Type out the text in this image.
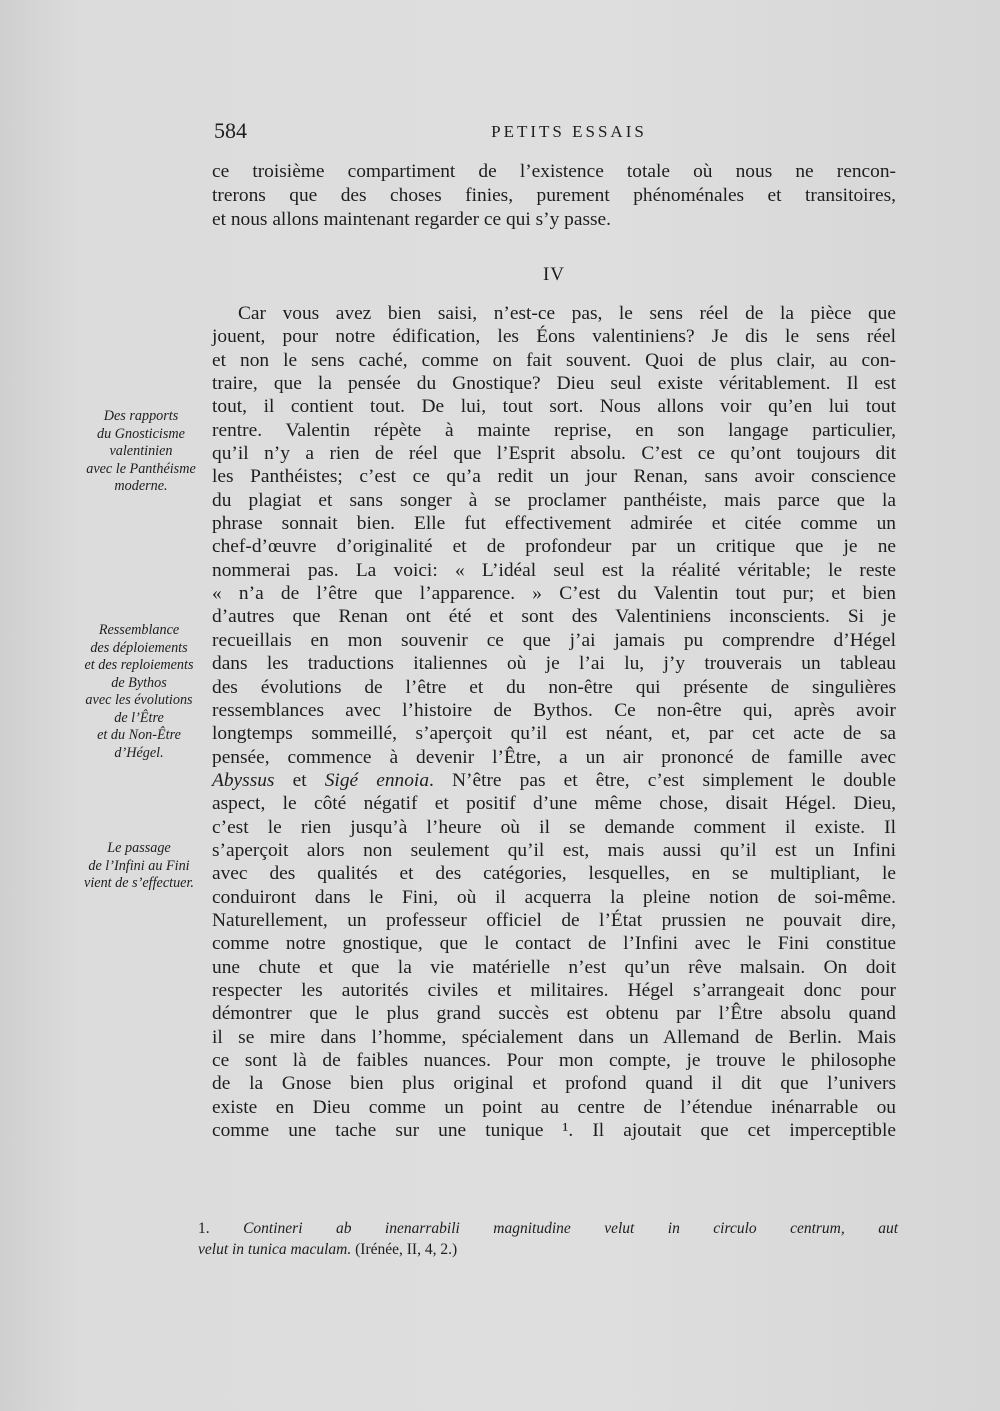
584	PETITS ESSAIS
ce troisième compartiment de l’existence totale où nous ne rencon-
trerons que des choses finies, purement phénoménales et transitoires,
et nous allons maintenant regarder ce qui s’y passe.
IV
Car vous avez bien saisi, n’est-ce pas, le sens réel de la pièce que
jouent, pour notre édification, les Éons valentiniens? Je dis le sens réel
et non le sens caché, comme on fait souvent. Quoi de plus clair, au con-
traire, que la pensée du Gnostique? Dieu seul existe véritablement. Il est
tout, il contient tout. De lui, tout sort. Nous allons voir qu’en lui tout
rentre. Valentin répète à mainte reprise, en son langage particulier,
qu’il n’y a rien de réel que l’Esprit absolu. C’est ce qu’ont toujours dit
les Panthéistes; c’est ce qu’a redit un jour Renan, sans avoir conscience
du plagiat et sans songer à se proclamer panthéiste, mais parce que la
phrase sonnait bien. Elle fut effectivement admirée et citée comme un
chef-d’œuvre d’originalité et de profondeur par un critique que je ne
nommerai pas. La voici: « L’idéal seul est la réalité véritable; le reste
« n’a de l’être que l’apparence. » C’est du Valentin tout pur; et bien
d’autres que Renan ont été et sont des Valentiniens inconscients. Si je
recueillais en mon souvenir ce que j’ai jamais pu comprendre d’Hégel
dans les traductions italiennes où je l’ai lu, j’y trouverais un tableau
des évolutions de l’être et du non-être qui présente de singulières
ressemblances avec l’histoire de Bythos. Ce non-être qui, après avoir
longtemps sommeillé, s’aperçoit qu’il est néant, et, par cet acte de sa
pensée, commence à devenir l’Être, a un air prononcé de famille avec
Abyssus et Sigé ennoia. N’être pas et être, c’est simplement le double
aspect, le côté négatif et positif d’une même chose, disait Hégel. Dieu,
c’est le rien jusqu’à l’heure où il se demande comment il existe. Il
s’aperçoit alors non seulement qu’il est, mais aussi qu’il est un Infini
avec des qualités et des catégories, lesquelles, en se multipliant, le
conduiront dans le Fini, où il acquerra la pleine notion de soi-même.
Naturellement, un professeur officiel de l’État prussien ne pouvait dire,
comme notre gnostique, que le contact de l’Infini avec le Fini constitue
une chute et que la vie matérielle n’est qu’un rêve malsain. On doit
respecter les autorités civiles et militaires. Hégel s’arrangeait donc pour
démontrer que le plus grand succès est obtenu par l’Être absolu quand
il se mire dans l’homme, spécialement dans un Allemand de Berlin. Mais
ce sont là de faibles nuances. Pour mon compte, je trouve le philosophe
de la Gnose bien plus original et profond quand il dit que l’univers
existe en Dieu comme un point au centre de l’étendue inénarrable ou
comme une tache sur une tunique ¹. Il ajoutait que cet imperceptible
Des rapports
du Gnosticisme
valentinien
avec le Panthéisme
moderne.
Ressemblance
des déploiements
et des reploiements
de Bythos
avec les évolutions
de l’Être
et du Non-Être
d’Hégel.
Le passage
de l’Infini au Fini
vient de s’effectuer.
1. Contineri ab inenarrabili magnitudine velut in circulo centrum, aut
velut in tunica maculam. (Irénée, II, 4, 2.)
